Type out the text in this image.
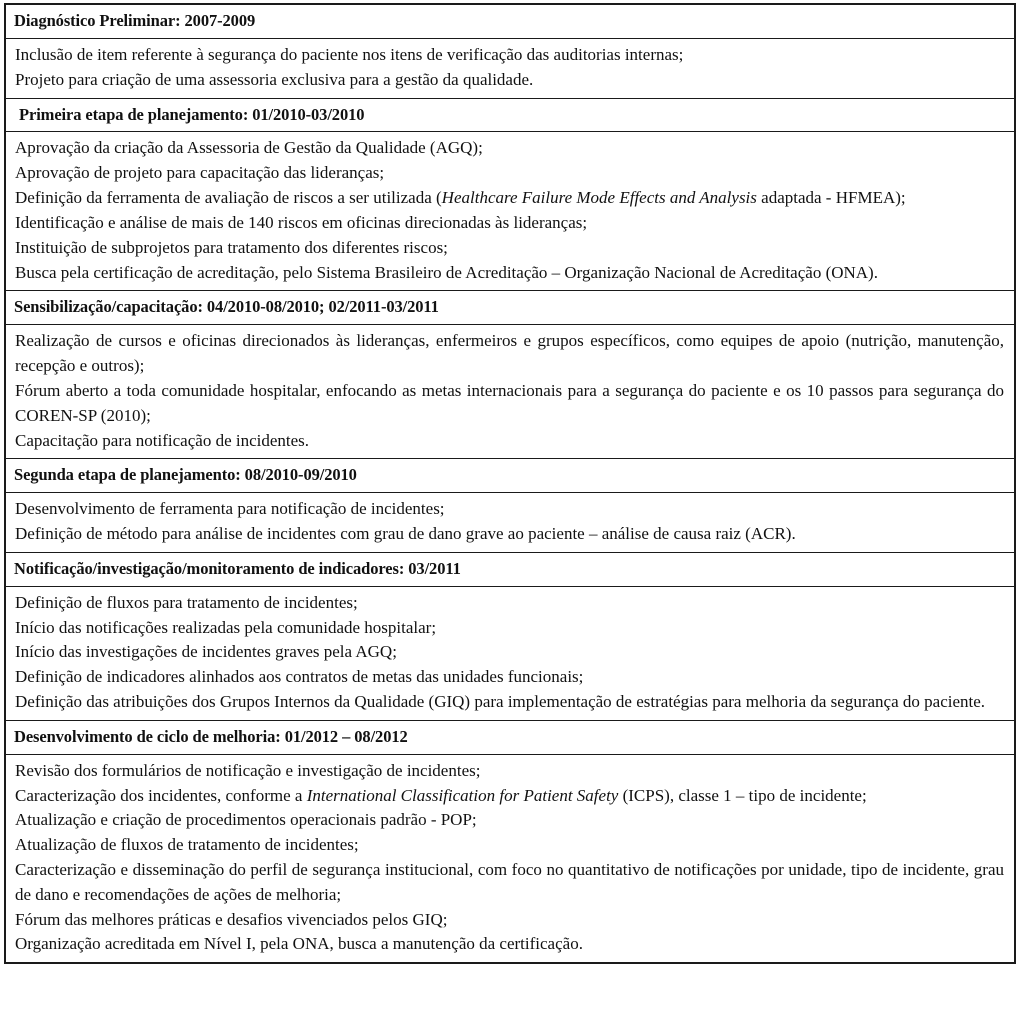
Diagnóstico Preliminar: 2007-2009

Inclusão de item referente à segurança do paciente nos itens de verificação das auditorias internas;
Projeto para criação de uma assessoria exclusiva para a gestão da qualidade.

Primeira etapa de planejamento: 01/2010-03/2010

Aprovação da criação da Assessoria de Gestão da Qualidade (AGQ);
Aprovação de projeto para capacitação das lideranças;
Definição da ferramenta de avaliação de riscos a ser utilizada (Healthcare Failure Mode Effects and Analysis adaptada - HFMEA);
Identificação e análise de mais de 140 riscos em oficinas direcionadas às lideranças;
Instituição de subprojetos para tratamento dos diferentes riscos;
Busca pela certificação de acreditação, pelo Sistema Brasileiro de Acreditação – Organização Nacional de Acreditação (ONA).

Sensibilização/capacitação: 04/2010-08/2010; 02/2011-03/2011

Realização de cursos e oficinas direcionados às lideranças, enfermeiros e grupos específicos, como equipes de apoio (nutrição, manutenção, recepção e outros);
Fórum aberto a toda comunidade hospitalar, enfocando as metas internacionais para a segurança do paciente e os 10 passos para segurança do COREN-SP (2010);
Capacitação para notificação de incidentes.

Segunda etapa de planejamento: 08/2010-09/2010

Desenvolvimento de ferramenta para notificação de incidentes;
Definição de método para análise de incidentes com grau de dano grave ao paciente – análise de causa raiz (ACR).

Notificação/investigação/monitoramento de indicadores: 03/2011

Definição de fluxos para tratamento de incidentes;
Início das notificações realizadas pela comunidade hospitalar;
Início das investigações de incidentes graves pela AGQ;
Definição de indicadores alinhados aos contratos de metas das unidades funcionais;
Definição das atribuições dos Grupos Internos da Qualidade (GIQ) para implementação de estratégias para melhoria da segurança do paciente.

Desenvolvimento de ciclo de melhoria: 01/2012 – 08/2012

Revisão dos formulários de notificação e investigação de incidentes;
Caracterização dos incidentes, conforme a International Classification for Patient Safety (ICPS), classe 1 – tipo de incidente;
Atualização e criação de procedimentos operacionais padrão - POP;
Atualização de fluxos de tratamento de incidentes;
Caracterização e disseminação do perfil de segurança institucional, com foco no quantitativo de notificações por unidade, tipo de incidente, grau de dano e recomendações de ações de melhoria;
Fórum das melhores práticas e desafios vivenciados pelos GIQ;
Organização acreditada em Nível I, pela ONA, busca a manutenção da certificação.
